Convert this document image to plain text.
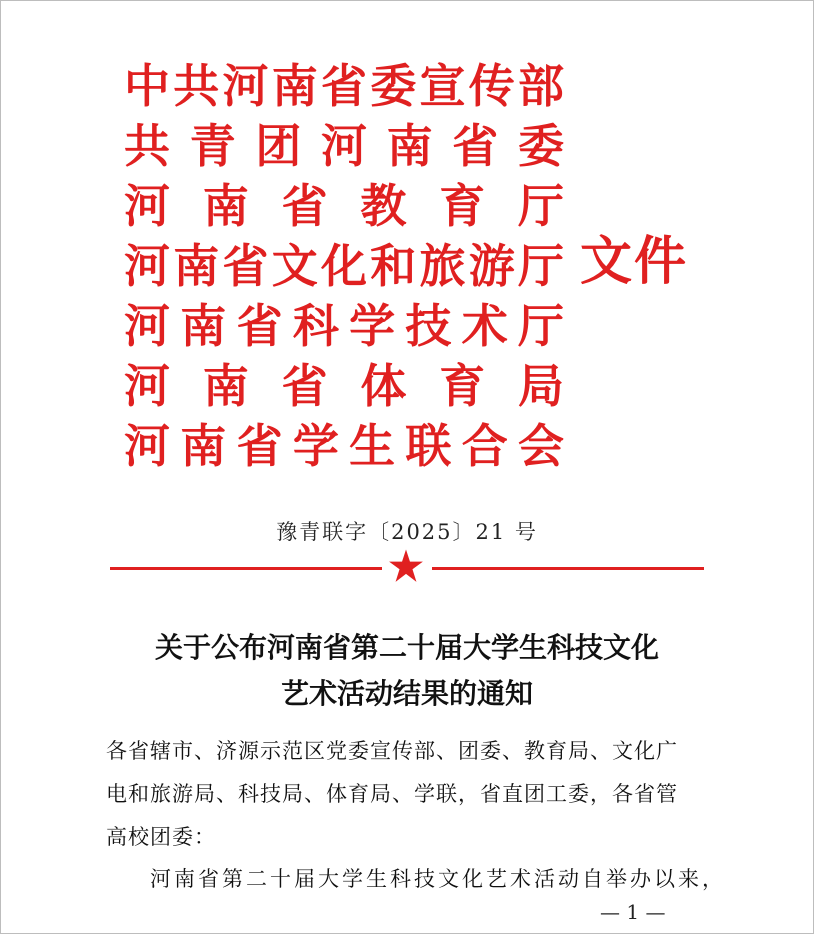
中 共 河 南 省 委 宣 传 部
共 青 团 河 南 省 委
河 南 省 教 育 厅
河 南 省 文 化 和 旅 游 厅
河 南 省 科 学 技 术 厅
河 南 省 体 育 局
河 南 省 学 生 联 合 会
文件
豫青联字〔2025〕21 号
关于公布河南省第二十届大学生科技文化
艺术活动结果的通知
各省辖市、济源示范区党委宣传部、团委、教育局、文化广
电和旅游局、科技局、体育局、学联，省直团工委，各省管
高校团委：
河南省第二十届大学生科技文化艺术活动自举办以来，
— 1 —
